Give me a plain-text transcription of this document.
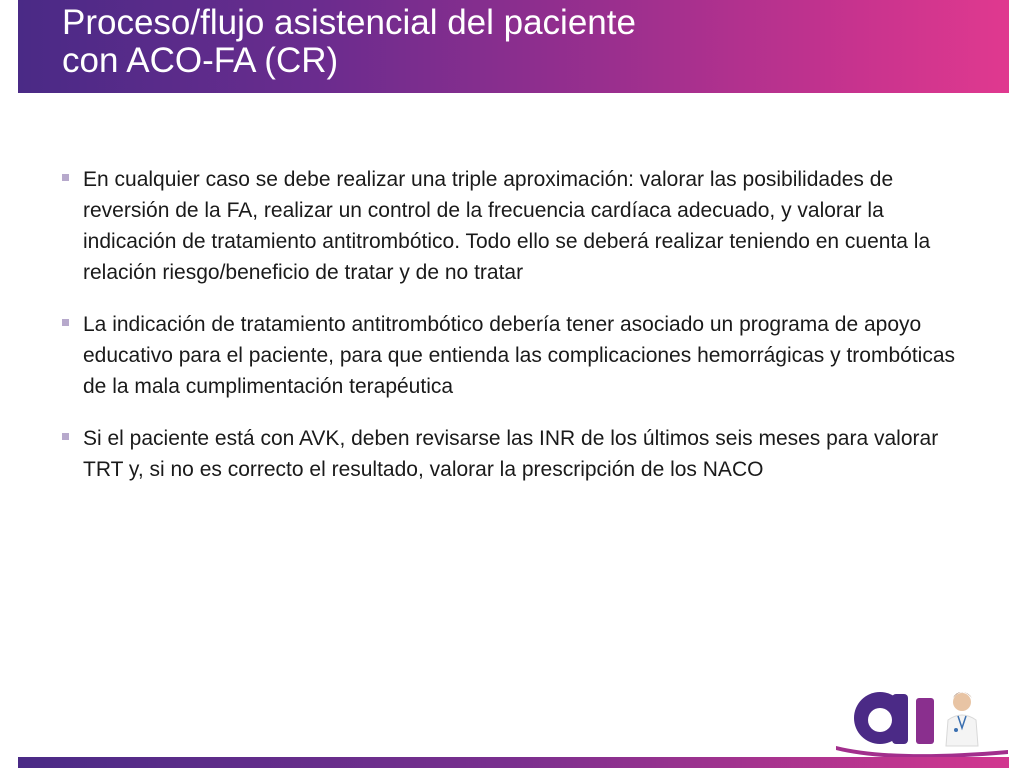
Proceso/flujo asistencial del paciente
con ACO-FA (CR)
En cualquier caso se debe realizar una triple aproximación: valorar las posibilidades de reversión de la FA, realizar un control de la frecuencia cardíaca adecuado, y valorar la indicación de tratamiento antitrombótico. Todo ello se deberá realizar teniendo en cuenta la relación riesgo/beneficio de tratar y de no tratar
La indicación de tratamiento antitrombótico debería tener asociado un programa de apoyo educativo para el paciente, para que entienda las complicaciones hemorrágicas y trombóticas de la mala cumplimentación terapéutica
Si el paciente está con AVK, deben revisarse las INR de los últimos seis meses para valorar TRT y, si no es correcto el resultado, valorar la prescripción de los NACO
